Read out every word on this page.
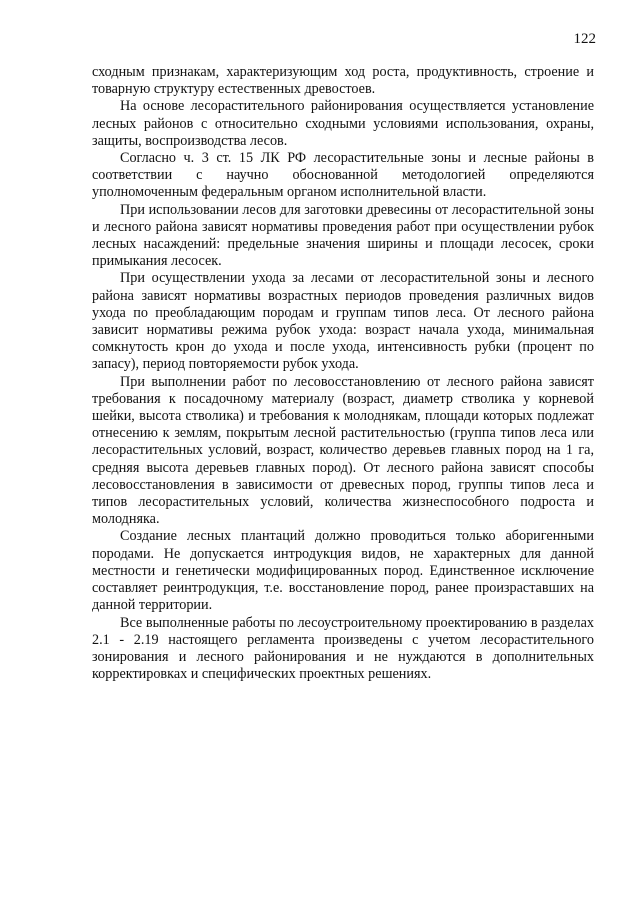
122

сходным признакам, характеризующим ход роста, продуктивность, строение и товарную структуру естественных древостоев.

На основе лесорастительного районирования осуществляется установление лесных районов с относительно сходными условиями использования, охраны, защиты, воспроизводства лесов.

Согласно ч. 3 ст. 15 ЛК РФ лесорастительные зоны и лесные районы в соответствии с научно обоснованной методологией определяются уполномоченным федеральным органом исполнительной власти.

При использовании лесов для заготовки древесины от лесорастительной зоны и лесного района зависят нормативы проведения работ при осуществлении рубок лесных насаждений: предельные значения ширины и площади лесосек, сроки примыкания лесосек.

При осуществлении ухода за лесами от лесорастительной зоны и лесного района зависят нормативы возрастных периодов проведения различных видов ухода по преобладающим породам и группам типов леса. От лесного района зависит нормативы режима рубок ухода: возраст начала ухода, минимальная сомкнутость крон до ухода и после ухода, интенсивность рубки (процент по запасу), период повторяемости рубок ухода.

При выполнении работ по лесовосстановлению от лесного района зависят требования к посадочному материалу (возраст, диаметр стволика у корневой шейки, высота стволика) и требования к молоднякам, площади которых подлежат отнесению к землям, покрытым лесной растительностью (группа типов леса или лесорастительных условий, возраст, количество деревьев главных пород на 1 га, средняя высота деревьев главных пород). От лесного района зависят способы лесовосстановления в зависимости от древесных пород, группы типов леса и типов лесорастительных условий, количества жизнеспособного подроста и молодняка.

Создание лесных плантаций должно проводиться только аборигенными породами. Не допускается интродукция видов, не характерных для данной местности и генетически модифицированных пород. Единственное исключение составляет реинтродукция, т.е. восстановление пород, ранее произраставших на данной территории.

Все выполненные работы по лесоустроительному проектированию в разделах 2.1 - 2.19 настоящего регламента произведены с учетом лесорастительного зонирования и лесного районирования и не нуждаются в дополнительных корректировках и специфических проектных решениях.
